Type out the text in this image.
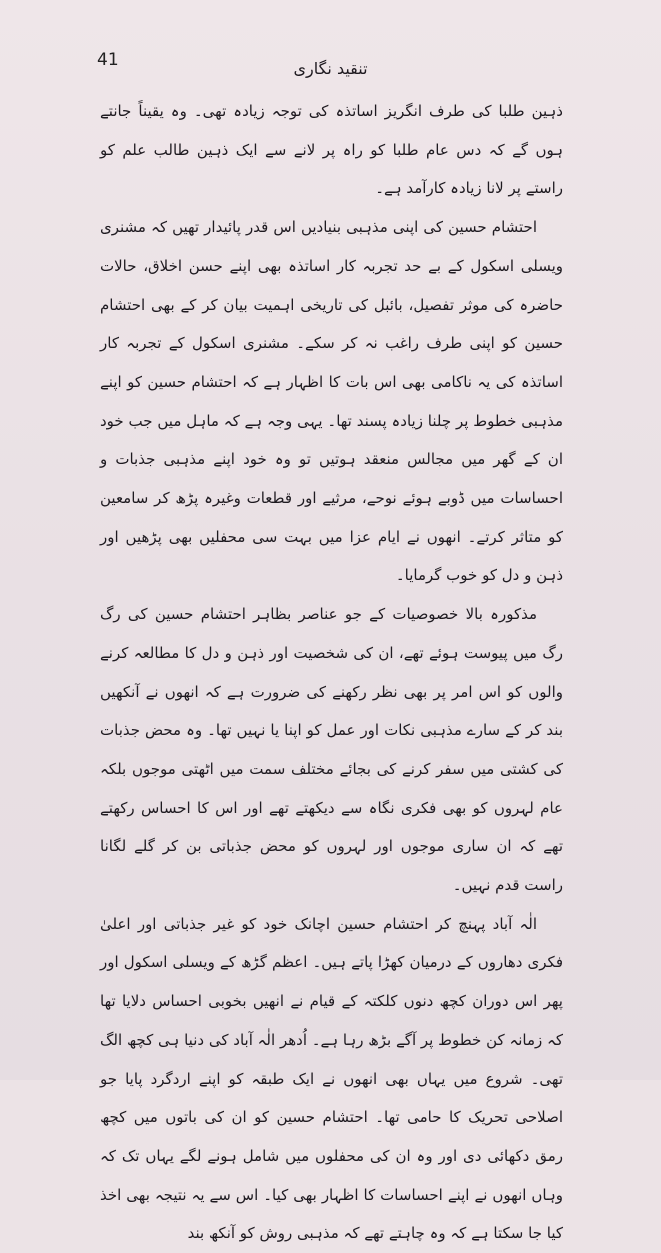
41	تنقید نگاری

ذہین طلبا کی طرف انگریز اساتذہ کی توجہ زیادہ تھی۔ وہ یقیناً جانتے ہوں گے کہ دس عام طلبا کو راہ پر لانے سے ایک ذہین طالب علم کو راستے پر لانا زیادہ کارآمد ہے۔

احتشام حسین کی اپنی مذہبی بنیادیں اس قدر پائیدار تھیں کہ مشنری ویسلی اسکول کے بے حد تجربہ کار اساتذہ بھی اپنے حسن اخلاق، حالات حاضرہ کی موثر تفصیل، بائبل کی تاریخی اہمیت بیان کر کے بھی احتشام حسین کو اپنی طرف راغب نہ کر سکے۔ مشنری اسکول کے تجربہ کار اساتذہ کی یہ ناکامی بھی اس بات کا اظہار ہے کہ احتشام حسین کو اپنے مذہبی خطوط پر چلنا زیادہ پسند تھا۔ یہی وجہ ہے کہ ماہل میں جب خود ان کے گھر میں مجالس منعقد ہوتیں تو وہ خود اپنے مذہبی جذبات و احساسات میں ڈوبے ہوئے نوحے، مرثیے اور قطعات وغیرہ پڑھ کر سامعین کو متاثر کرتے۔ انھوں نے ایام عزا میں بہت سی محفلیں بھی پڑھیں اور ذہن و دل کو خوب گرمایا۔

مذکورہ بالا خصوصیات کے جو عناصر بظاہر احتشام حسین کی رگ رگ میں پیوست ہوئے تھے، ان کی شخصیت اور ذہن و دل کا مطالعہ کرنے والوں کو اس امر پر بھی نظر رکھنے کی ضرورت ہے کہ انھوں نے آنکھیں بند کر کے سارے مذہبی نکات اور عمل کو اپنا یا نہیں تھا۔ وہ محض جذبات کی کشتی میں سفر کرنے کی بجائے مختلف سمت میں اٹھتی موجوں بلکہ عام لہروں کو بھی فکری نگاہ سے دیکھتے تھے اور اس کا احساس رکھتے تھے کہ ان ساری موجوں اور لہروں کو محض جذباتی بن کر گلے لگانا راست قدم نہیں۔

الٰہ آباد پہنچ کر احتشام حسین اچانک خود کو غیر جذباتی اور اعلیٰ فکری دھاروں کے درمیان کھڑا پاتے ہیں۔ اعظم گڑھ کے ویسلی اسکول اور پھر اس دوران کچھ دنوں کلکتہ کے قیام نے انھیں بخوبی احساس دلایا تھا کہ زمانہ کن خطوط پر آگے بڑھ رہا ہے۔ اُدھر الٰہ آباد کی دنیا ہی کچھ الگ تھی۔ شروع میں یہاں بھی انھوں نے ایک طبقہ کو اپنے اردگرد پایا جو اصلاحی تحریک کا حامی تھا۔ احتشام حسین کو ان کی باتوں میں کچھ رمق دکھائی دی اور وہ ان کی محفلوں میں شامل ہونے لگے یہاں تک کہ وہاں انھوں نے اپنے احساسات کا اظہار بھی کیا۔ اس سے یہ نتیجہ بھی اخذ کیا جا سکتا ہے کہ وہ چاہتے تھے کہ مذہبی روش کو آنکھ بند
